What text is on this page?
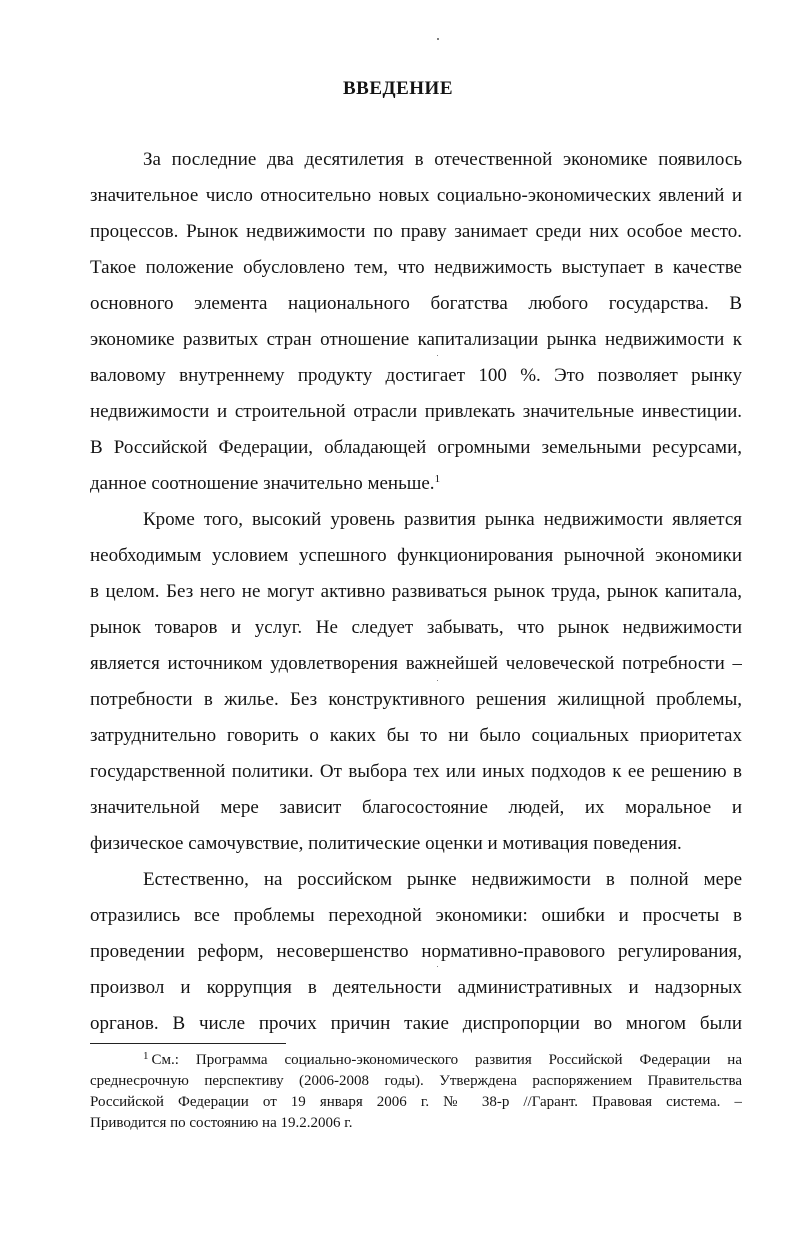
ВВЕДЕНИЕ
За последние два десятилетия в отечественной экономике появилось
значительное число относительно новых социально-экономических явлений и
процессов. Рынок недвижимости по праву занимает среди них особое место.
Такое положение обусловлено тем, что недвижимость выступает в качестве
основного элемента национального богатства любого государства. В
экономике развитых стран отношение капитализации рынка недвижимости к
валовому внутреннему продукту достигает 100 %. Это позволяет рынку
недвижимости и строительной отрасли привлекать значительные инвестиции.
В Российской Федерации, обладающей огромными земельными ресурсами,
данное соотношение значительно меньше.$^1$
Кроме того, высокий уровень развития рынка недвижимости является
необходимым условием успешного функционирования рыночной экономики
в целом. Без него не могут активно развиваться рынок труда, рынок капитала,
рынок товаров и услуг. Не следует забывать, что рынок недвижимости
является источником удовлетворения важнейшей человеческой потребности –
потребности в жилье. Без конструктивного решения жилищной проблемы,
затруднительно говорить о каких бы то ни было социальных приоритетах
государственной политики. От выбора тех или иных подходов к ее решению в
значительной мере зависит благосостояние людей, их моральное и
физическое самочувствие, политические оценки и мотивация поведения.
Естественно, на российском рынке недвижимости в полной мере
отразились все проблемы переходной экономики: ошибки и просчеты в
проведении реформ, несовершенство нормативно-правового регулирования,
произвол и коррупция в деятельности административных и надзорных
органов. В числе прочих причин такие диспропорции во многом были
$^1$ См.: Программа социально-экономического развития Российской Федерации на
среднесрочную перспективу (2006-2008 годы). Утверждена распоряжением Правительства
Российской Федерации от 19 января 2006 г. № 38-р //Гарант. Правовая система. –
Приводится по состоянию на 19.2.2006 г.
